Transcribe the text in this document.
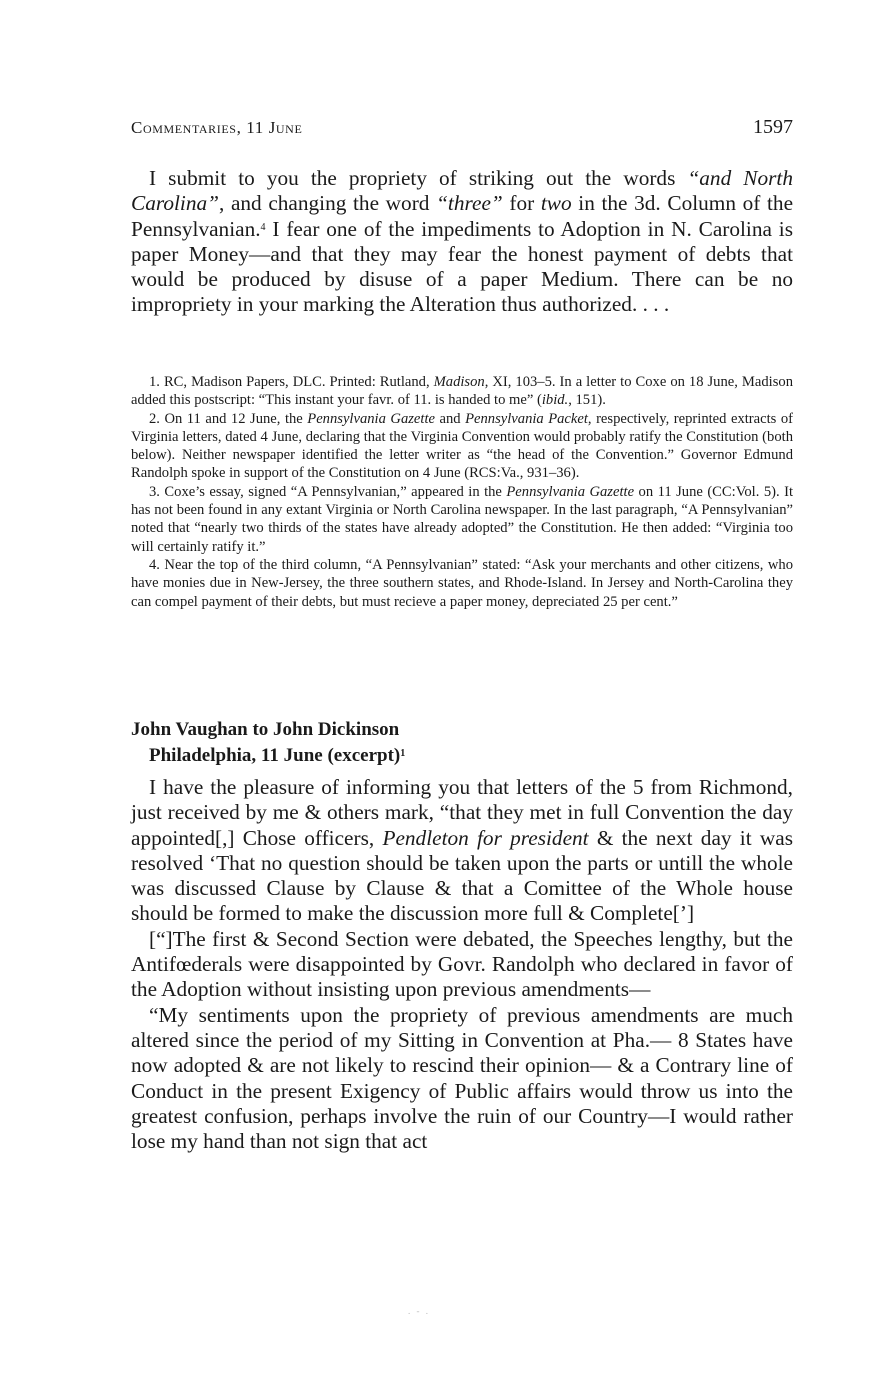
Commentaries, 11 June	1597

I submit to you the propriety of striking out the words “and North Carolina”, and changing the word “three” for two in the 3d. Column of the Pennsylvanian.$^4$ I fear one of the impediments to Adoption in N. Carolina is paper Money—and that they may fear the honest payment of debts that would be produced by disuse of a paper Medium. There can be no impropriety in your marking the Alteration thus authorized. . . .

1. RC, Madison Papers, DLC. Printed: Rutland, Madison, XI, 103–5. In a letter to Coxe on 18 June, Madison added this postscript: “This instant your favr. of 11. is handed to me” (ibid., 151).

2. On 11 and 12 June, the Pennsylvania Gazette and Pennsylvania Packet, respectively, reprinted extracts of Virginia letters, dated 4 June, declaring that the Virginia Convention would probably ratify the Constitution (both below). Neither newspaper identified the letter writer as “the head of the Convention.” Governor Edmund Randolph spoke in support of the Constitution on 4 June (RCS:Va., 931–36).

3. Coxe’s essay, signed “A Pennsylvanian,” appeared in the Pennsylvania Gazette on 11 June (CC:Vol. 5). It has not been found in any extant Virginia or North Carolina newspaper. In the last paragraph, “A Pennsylvanian” noted that “nearly two thirds of the states have already adopted” the Constitution. He then added: “Virginia too will certainly ratify it.”

4. Near the top of the third column, “A Pennsylvanian” stated: “Ask your merchants and other citizens, who have monies due in New-Jersey, the three southern states, and Rhode-Island. In Jersey and North-Carolina they can compel payment of their debts, but must recieve a paper money, depreciated 25 per cent.”

John Vaughan to John Dickinson

Philadelphia, 11 June (excerpt)$^1$

I have the pleasure of informing you that letters of the 5 from Richmond, just received by me & others mark, “that they met in full Convention the day appointed[,] Chose officers, Pendleton for president & the next day it was resolved ‘That no question should be taken upon the parts or untill the whole was discussed Clause by Clause & that a Comittee of the Whole house should be formed to make the discussion more full & Complete[’]

[“]The first & Second Section were debated, the Speeches lengthy, but the Antifœderals were disappointed by Govr. Randolph who declared in favor of the Adoption without insisting upon previous amendments—

“My sentiments upon the propriety of previous amendments are much altered since the period of my Sitting in Convention at Pha.— 8 States have now adopted & are not likely to rescind their opinion— & a Contrary line of Conduct in the present Exigency of Public affairs would throw us into the greatest confusion, perhaps involve the ruin of our Country—I would rather lose my hand than not sign that act

. - .
